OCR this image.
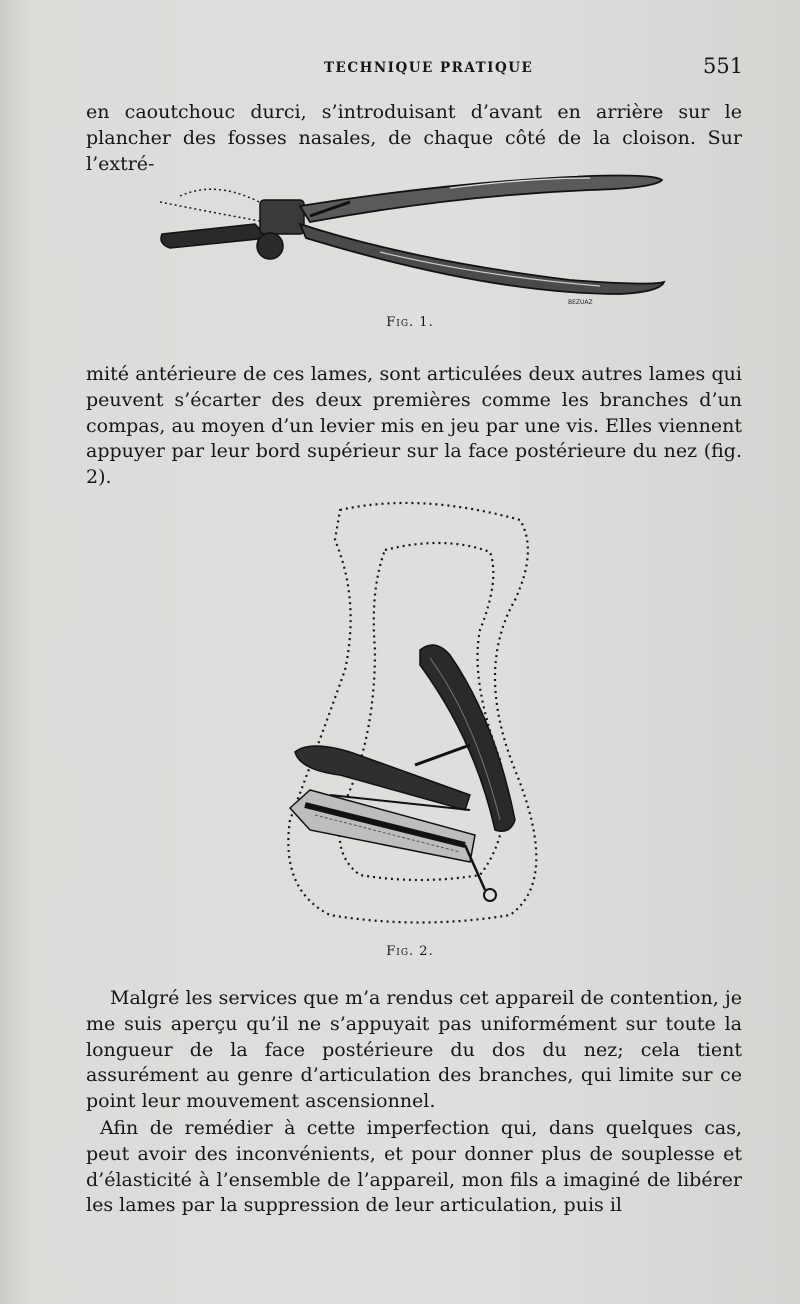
TECHNIQUE PRATIQUE	551

en caoutchouc durci, s’introduisant d’avant en arrière sur le plancher des fosses nasales, de chaque côté de la cloison. Sur l’extré-	LÉPINE
BEZUAZ
Fig. 1.

mité antérieure de ces lames, sont articulées deux autres lames qui peuvent s’écarter des deux premières comme les branches d’un compas, au moyen d’un levier mis en jeu par une vis. Elles viennent appuyer par leur bord supérieur sur la face postérieure du nez (fig. 2).

Fig. 2.

Malgré les services que m’a rendus cet appareil de contention, je me suis aperçu qu’il ne s’appuyait pas uniformément sur toute la longueur de la face postérieure du dos du nez; cela tient assurément au genre d’articulation des branches, qui limite sur ce point leur mouvement ascensionnel.

Afin de remédier à cette imperfection qui, dans quelques cas, peut avoir des inconvénients, et pour donner plus de souplesse et d’élasticité à l’ensemble de l’appareil, mon fils a imaginé de libérer les lames par la suppression de leur articulation, puis il
